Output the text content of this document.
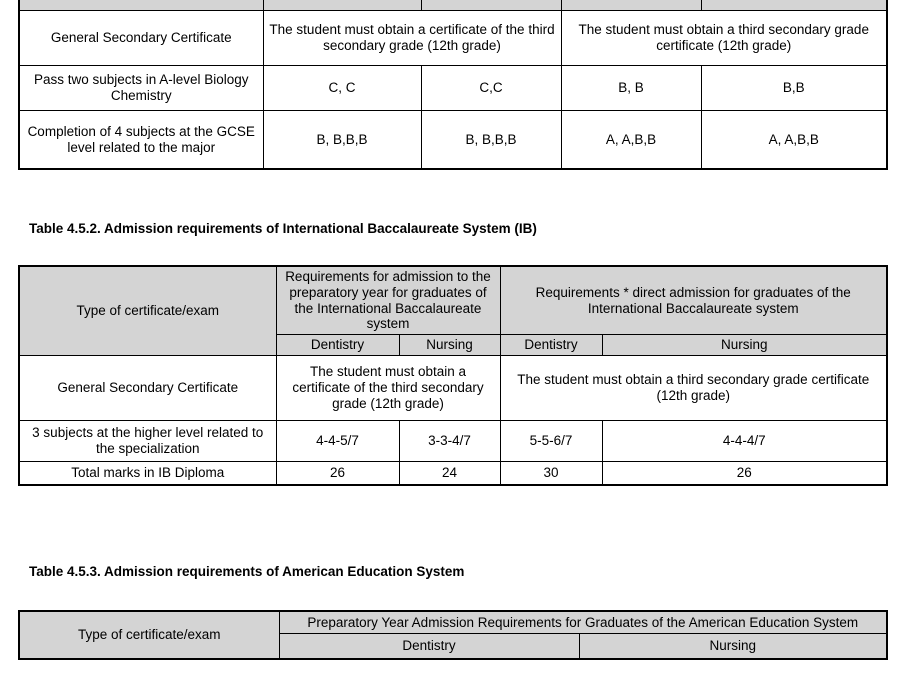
General Secondary Certificate	The student must obtain a certificate of the third secondary grade (12th grade)		The student must obtain a third secondary grade certificate (12th grade)	
Pass two subjects in A-level Biology Chemistry	C, C	C,C	B, B	B,B
Completion of 4 subjects at the GCSE level related to the major	B, B,B,B	B, B,B,B	A, A,B,B	A, A,B,B
Table 4.5.2. Admission requirements of International Baccalaureate System (IB)
Type of certificate/exam	Requirements for admission to the preparatory year for graduates of the International Baccalaureate system		Requirements * direct admission for graduates of the International Baccalaureate system	
	Dentistry	Nursing	Dentistry	Nursing
General Secondary Certificate	The student must obtain a certificate of the third secondary grade (12th grade)		The student must obtain a third secondary grade certificate (12th grade)	
3 subjects at the higher level related to the specialization	4-4-5/7	3-3-4/7	5-5-6/7	4-4-4/7
Total marks in IB Diploma	26	24	30	26
Table 4.5.3. Admission requirements of American Education System
Type of certificate/exam	Preparatory Year Admission Requirements for Graduates of the American Education System	
	Dentistry	Nursing
